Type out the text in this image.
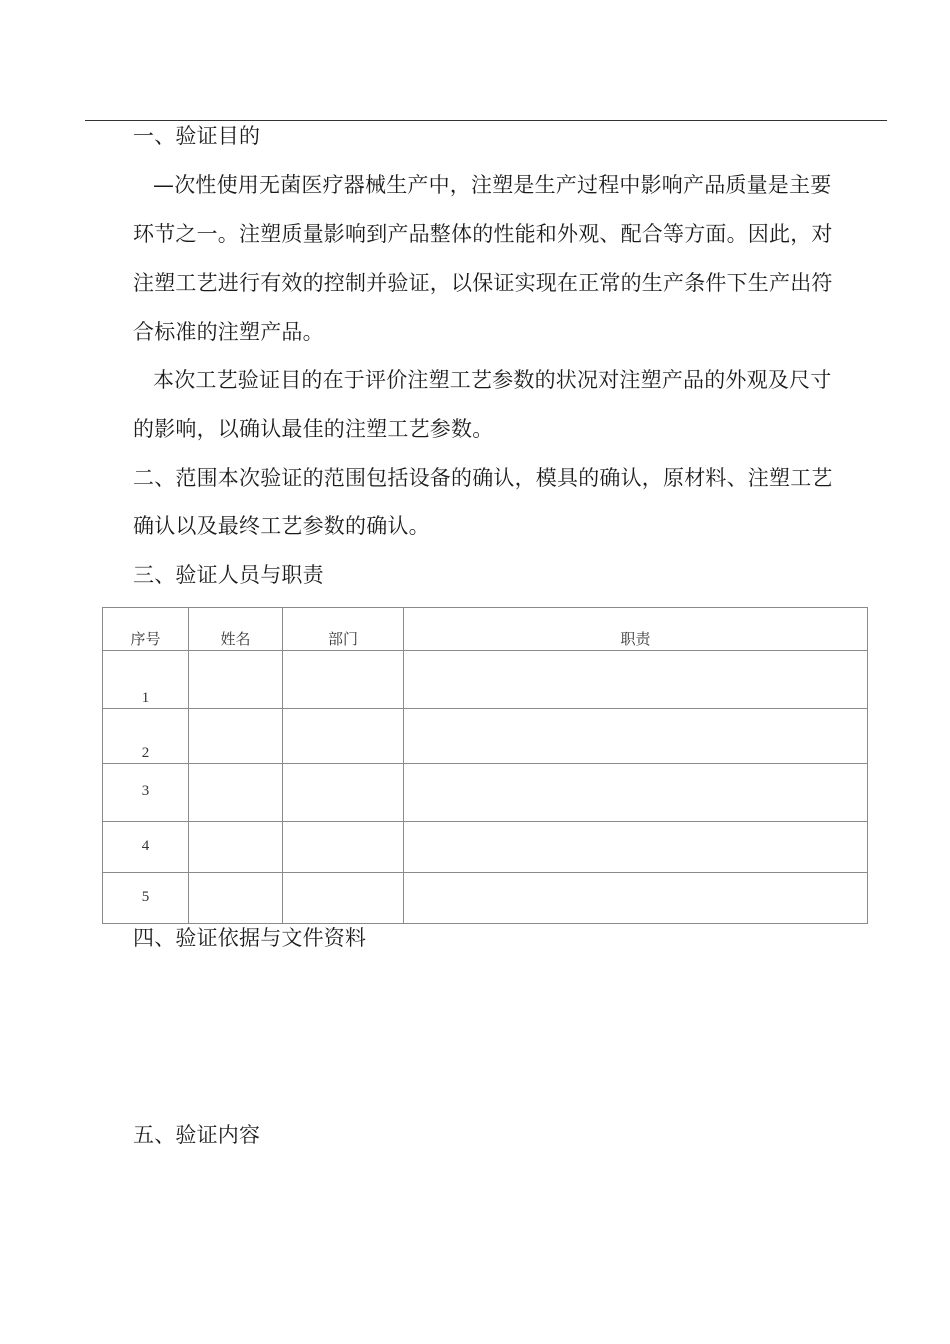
一、验证目的
—次性使用无菌医疗器械生产中，注塑是生产过程中影响产品质量是主要
环节之一。注塑质量影响到产品整体的性能和外观、配合等方面。因此，对
注塑工艺进行有效的控制并验证，以保证实现在正常的生产条件下生产出符
合标准的注塑产品。
本次工艺验证目的在于评价注塑工艺参数的状况对注塑产品的外观及尺寸
的影响，以确认最佳的注塑工艺参数。
二、范围本次验证的范围包括设备的确认，模具的确认，原材料、注塑工艺
确认以及最终工艺参数的确认。
三、验证人员与职责
序号	姓名	部门	职责
1			
2			
3			
4			
5			
四、验证依据与文件资料
五、验证内容
